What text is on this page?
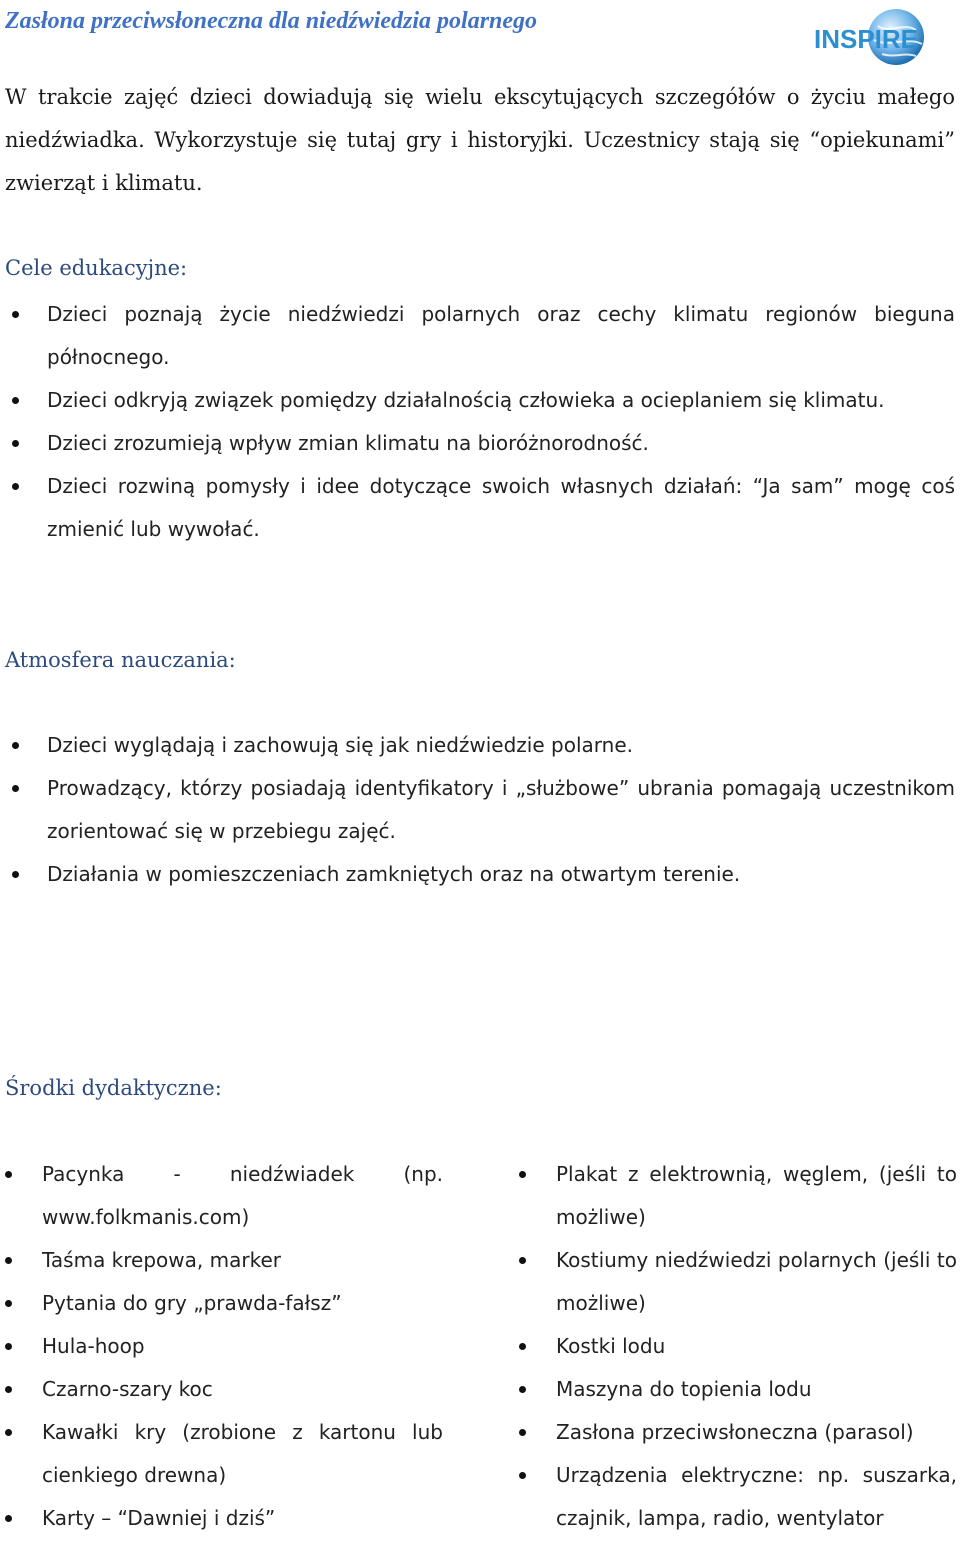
Zasłona przeciwsłoneczna dla niedźwiedzia polarnego
INSPIRE

W trakcie zajęć dzieci dowiadują się wielu ekscytujących szczegółów o życiu małego niedźwiadka. Wykorzystuje się tutaj gry i historyjki. Uczestnicy stają się “opiekunami” zwierząt i klimatu.

Cele edukacyjne:
Dzieci poznają życie niedźwiedzi polarnych oraz cechy klimatu regionów bieguna północnego.
Dzieci odkryją związek pomiędzy działalnością człowieka a ocieplaniem się klimatu.
Dzieci zrozumieją wpływ zmian klimatu na bioróżnorodność.
Dzieci rozwiną pomysły i idee dotyczące swoich własnych działań: “Ja sam” mogę coś zmienić lub wywołać.
Atmosfera nauczania:
Dzieci wyglądają i zachowują się jak niedźwiedzie polarne.
Prowadzący, którzy posiadają identyfikatory i „służbowe” ubrania pomagają uczestnikom zorientować się w przebiegu zajęć.
Działania w pomieszczeniach zamkniętych oraz na otwartym terenie.
Środki dydaktyczne:
Pacynka - niedźwiadek (np. www.folkmanis.com)
Taśma krepowa, marker
Pytania do gry „prawda-fałsz”
Hula-hoop
Czarno-szary koc
Kawałki kry (zrobione z kartonu lub cienkiego drewna)
Karty – “Dawniej i dziś”
Plakat z elektrownią, węglem, (jeśli to możliwe)
Kostiumy niedźwiedzi polarnych (jeśli to możliwe)
Kostki lodu
Maszyna do topienia lodu
Zasłona przeciwsłoneczna (parasol)
Urządzenia elektryczne: np. suszarka, czajnik, lampa, radio, wentylator
